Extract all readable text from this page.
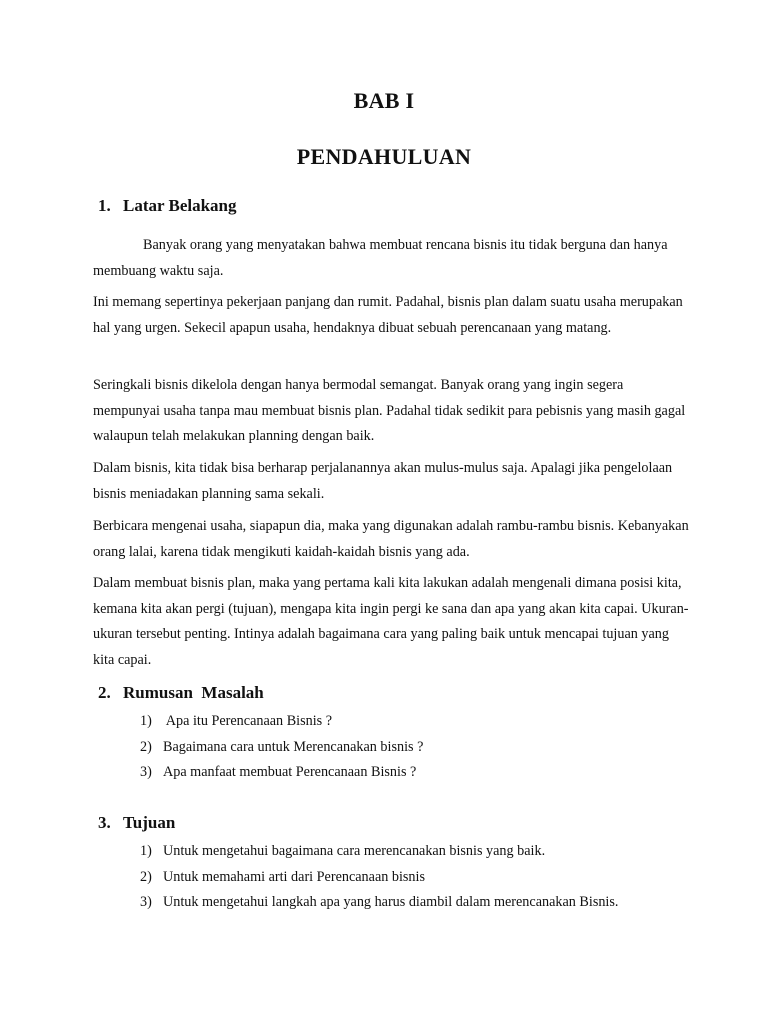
BAB I
PENDAHULUAN
1. Latar Belakang

Banyak orang yang menyatakan bahwa membuat rencana bisnis itu tidak berguna dan hanya membuang waktu saja.

Ini memang sepertinya pekerjaan panjang dan rumit. Padahal, bisnis plan dalam suatu usaha merupakan hal yang urgen. Sekecil apapun usaha, hendaknya dibuat sebuah perencanaan yang matang.

Seringkali bisnis dikelola dengan hanya bermodal semangat. Banyak orang yang ingin segera mempunyai usaha tanpa mau membuat bisnis plan. Padahal tidak sedikit para pebisnis yang masih gagal walaupun telah melakukan planning dengan baik.

Dalam bisnis, kita tidak bisa berharap perjalanannya akan mulus-mulus saja. Apalagi jika pengelolaan bisnis meniadakan planning sama sekali.

Berbicara mengenai usaha, siapapun dia, maka yang digunakan adalah rambu-rambu bisnis. Kebanyakan orang lalai, karena tidak mengikuti kaidah-kaidah bisnis yang ada.

Dalam membuat bisnis plan, maka yang pertama kali kita lakukan adalah mengenali dimana posisi kita, kemana kita akan pergi (tujuan), mengapa kita ingin pergi ke sana dan apa yang akan kita capai. Ukuran-ukuran tersebut penting. Intinya adalah bagaimana cara yang paling baik untuk mencapai tujuan yang kita capai.

2. Rumusan  Masalah
1) Apa itu Perencanaan Bisnis ?
2) Bagaimana cara untuk Merencanakan bisnis ?
3) Apa manfaat membuat Perencanaan Bisnis ?
3. Tujuan
1) Untuk mengetahui bagaimana cara merencanakan bisnis yang baik.
2) Untuk memahami arti dari Perencanaan bisnis
3) Untuk mengetahui langkah apa yang harus diambil dalam merencanakan Bisnis.
